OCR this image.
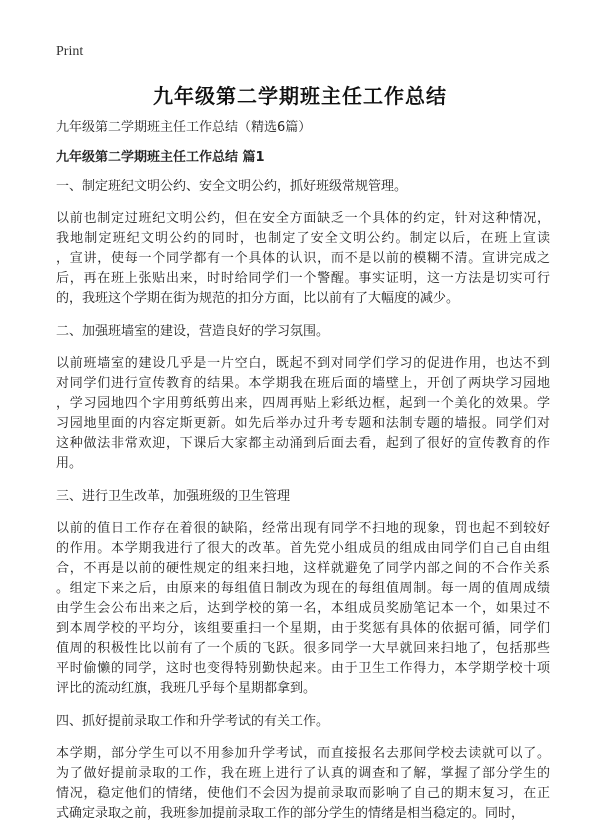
Print
九年级第二学期班主任工作总结

九年级第二学期班主任工作总结（精选6篇）

九年级第二学期班主任工作总结 篇1

一、制定班纪文明公约、安全文明公约，抓好班级常规管理。

以前也制定过班纪文明公约，但在安全方面缺乏一个具体的约定，针对这种情况，

我地制定班纪文明公约的同时，也制定了安全文明公约。制定以后，在班上宣读

，宣讲，使每一个同学都有一个具体的认识，而不是以前的模糊不清。宣讲完成之

后，再在班上张贴出来，时时给同学们一个警醒。事实证明，这一方法是切实可行

的，我班这个学期在街为规范的扣分方面，比以前有了大幅度的减少。

二、加强班墙室的建设，营造良好的学习氛围。

以前班墙室的建设几乎是一片空白，既起不到对同学们学习的促进作用，也达不到

对同学们进行宣传教育的结果。本学期我在班后面的墙壁上，开创了两块学习园地

，学习园地四个字用剪纸剪出来，四周再贴上彩纸边框，起到一个美化的效果。学

习园地里面的内容定斯更新。如先后举办过升考专题和法制专题的墙报。同学们对

这种做法非常欢迎，下课后大家都主动涌到后面去看，起到了很好的宣传教育的作

用。

三、进行卫生改革，加强班级的卫生管理

以前的值日工作存在着很的缺陷，经常出现有同学不扫地的现象，罚也起不到较好

的作用。本学期我进行了很大的改革。首先党小组成员的组成由同学们自己自由组

合，不再是以前的硬性规定的组来扫地，这样就避免了同学内部之间的不合作关系

。组定下来之后，由原来的每组值日制改为现在的每组值周制。每一周的值周成绩

由学生会公布出来之后，达到学校的第一名，本组成员奖励笔记本一个，如果过不

到本周学校的平均分，该组要重扫一个星期，由于奖惩有具体的依据可循，同学们

值周的积极性比以前有了一个质的飞跃。很多同学一大早就回来扫地了，包括那些

平时偷懒的同学，这时也变得特别勤快起来。由于卫生工作得力，本学期学校十项

评比的流动红旗，我班几乎每个星期都拿到。

四、抓好提前录取工作和升学考试的有关工作。

本学期，部分学生可以不用参加升学考试，而直接报名去那间学校去读就可以了。

为了做好提前录取的工作，我在班上进行了认真的调查和了解，掌握了部分学生的

情况，稳定他们的情绪，使他们不会因为提前录取而影响了自己的期末复习，在正

式确定录取之前，我班参加提前录取工作的部分学生的情绪是相当稳定的。同时，
